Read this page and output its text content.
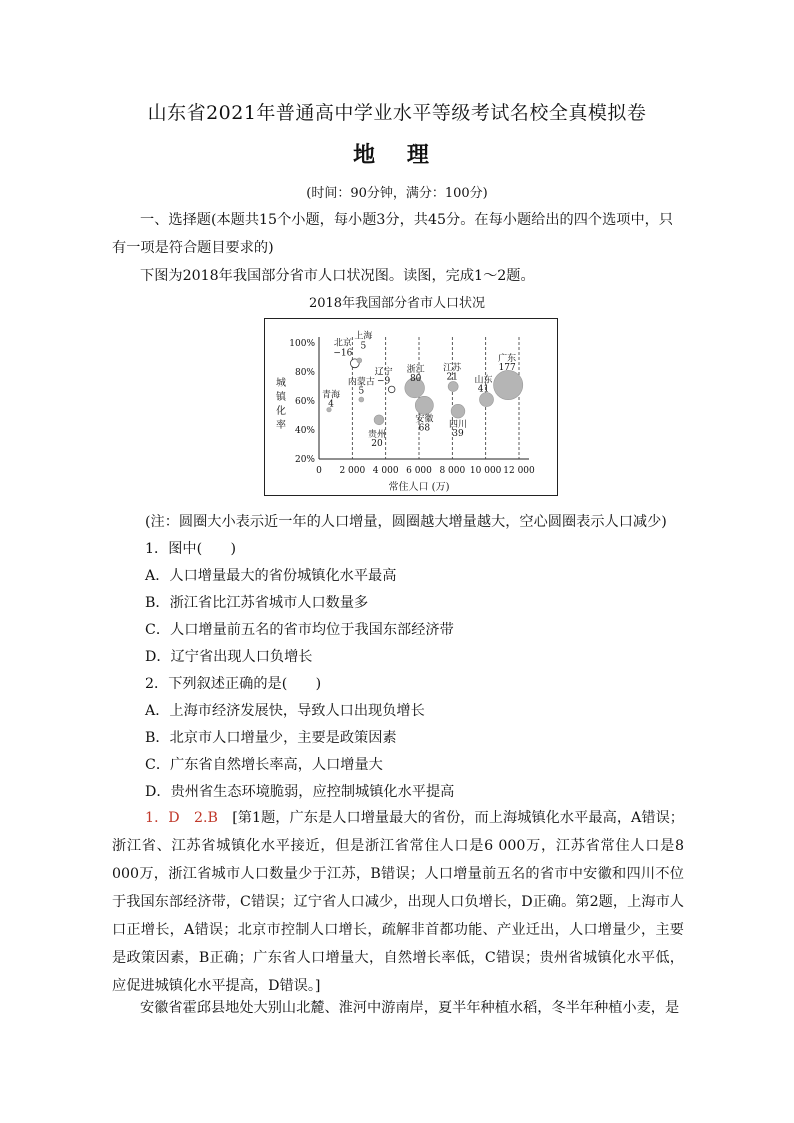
山东省2021年普通高中学业水平等级考试名校全真模拟卷
地 理
(时间：90分钟，满分：100分)
一、选择题(本题共15个小题，每小题3分，共45分。在每小题给出的四个选项中，只有一项是符合题目要求的)
下图为2018年我国部分省市人口状况图。读图，完成1～2题。
2018年我国部分省市人口状况
0 2 000 4 000 6 000 8 000 10 000 12 000
20%
40%
60%
80%
100% 北京
−16
上海
5
内蒙古
5
青海
4
贵州
20
辽宁
−9
浙江
80
安徽
68
江苏
21
四川
39
山东
41
广东
177
常住人口 (万)
城
镇
化
率
(注：圆圈大小表示近一年的人口增量，圆圈越大增量越大，空心圆圈表示人口减少)
1．图中(　　)
A．人口增量最大的省份城镇化水平最高
B．浙江省比江苏省城市人口数量多
C．人口增量前五名的省市均位于我国东部经济带
D．辽宁省出现人口负增长
2．下列叙述正确的是(　　)
A．上海市经济发展快，导致人口出现负增长
B．北京市人口增量少，主要是政策因素
C．广东省自然增长率高，人口增量大
D．贵州省生态环境脆弱，应控制城镇化水平提高
1．D　2.B　 [第1题，广东是人口增量最大的省份，而上海城镇化水平最高，A错误；浙江省、江苏省城镇化水平接近，但是浙江省常住人口是6 000万，江苏省常住人口是8 000万，浙江省城市人口数量少于江苏，B错误；人口增量前五名的省市中安徽和四川不位于我国东部经济带，C错误；辽宁省人口减少，出现人口负增长，D正确。第2题，上海市人口正增长，A错误；北京市控制人口增长，疏解非首都功能、产业迁出，人口增量少，主要是政策因素，B正确；广东省人口增量大，自然增长率低，C错误；贵州省城镇化水平低，应促进城镇化水平提高，D错误。]
安徽省霍邱县地处大别山北麓、淮河中游南岸，夏半年种植水稻，冬半年种植小麦，是
